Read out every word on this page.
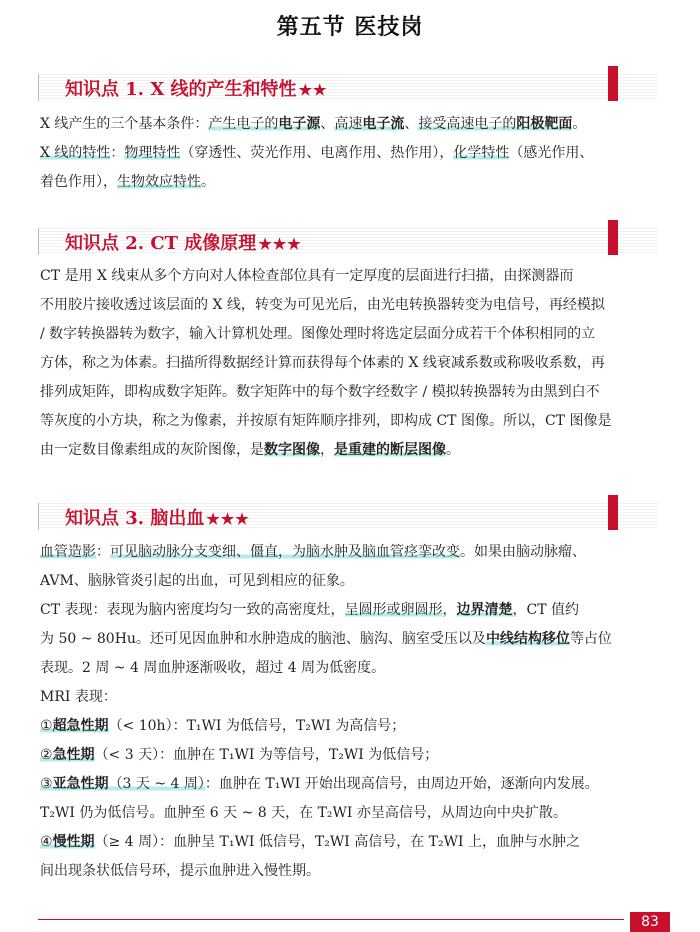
第五节 医技岗
知识点 1. X 线的产生和特性 ★★
X 线产生的三个基本条件：产生电子的电子源、高速电子流、接受高速电子的阳极靶面。
X 线的特性：物理特性（穿透性、荧光作用、电离作用、热作用），化学特性（感光作用、
着色作用），生物效应特性。
知识点 2. CT 成像原理 ★★★
CT 是用 X 线束从多个方向对人体检查部位具有一定厚度的层面进行扫描，由探测器而
不用胶片接收透过该层面的 X 线，转变为可见光后，由光电转换器转变为电信号，再经模拟
/ 数字转换器转为数字，输入计算机处理。图像处理时将选定层面分成若干个体积相同的立
方体，称之为体素。扫描所得数据经计算而获得每个体素的 X 线衰减系数或称吸收系数，再
排列成矩阵，即构成数字矩阵。数字矩阵中的每个数字经数字 / 模拟转换器转为由黑到白不
等灰度的小方块，称之为像素，并按原有矩阵顺序排列，即构成 CT 图像。所以，CT 图像是
由一定数目像素组成的灰阶图像，是数字图像，是重建的断层图像。
知识点 3. 脑出血 ★★★
血管造影：可见脑动脉分支变细、僵直，为脑水肿及脑血管痉挛改变。如果由脑动脉瘤、
AVM、脑脉管炎引起的出血，可见到相应的征象。
CT 表现：表现为脑内密度均匀一致的高密度灶，呈圆形或卵圆形，边界清楚，CT 值约
为 50 ~ 80Hu。还可见因血肿和水肿造成的脑池、脑沟、脑室受压以及中线结构移位等占位
表现。2 周 ~ 4 周血肿逐渐吸收，超过 4 周为低密度。
MRI 表现：
①超急性期（< 10h）：T₁WI 为低信号，T₂WI 为高信号；
②急性期（< 3 天）：血肿在 T₁WI 为等信号，T₂WI 为低信号；
③亚急性期（3 天 ~ 4 周）：血肿在 T₁WI 开始出现高信号，由周边开始，逐渐向内发展。
T₂WI 仍为低信号。血肿至 6 天 ~ 8 天，在 T₂WI 亦呈高信号，从周边向中央扩散。
④慢性期（≥ 4 周）：血肿呈 T₁WI 低信号，T₂WI 高信号，在 T₂WI 上，血肿与水肿之
间出现条状低信号环，提示血肿进入慢性期。
83
